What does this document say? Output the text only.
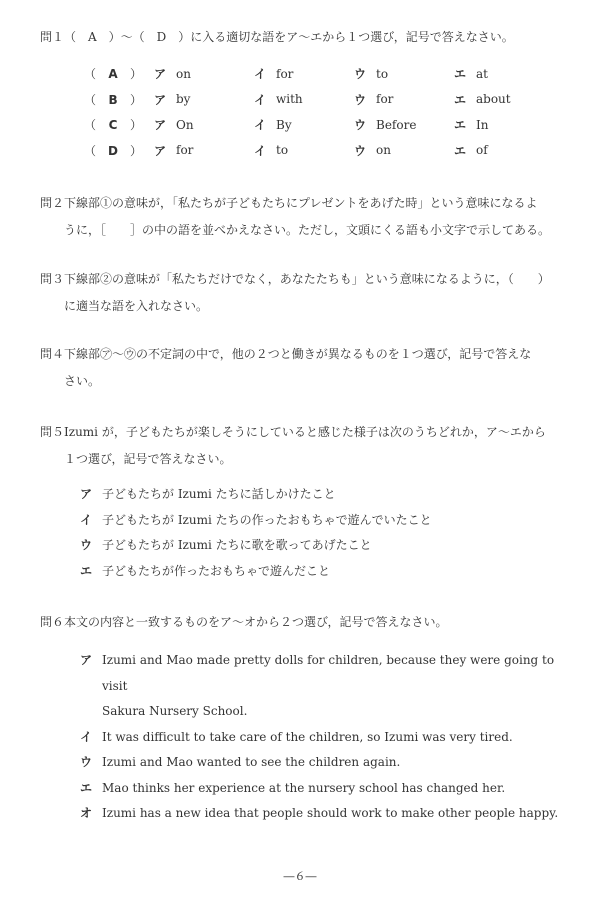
問１（　A　）～（　D　）に入る適切な語をア～エから１つ選び，記号で答えなさい。
（ A ）	ア	on	イ	for	ウ	to	エ	at
（ B ）	ア	by	イ	with	ウ	for	エ	about
（ C ）	ア	On	イ	By	ウ	Before	エ	In
（ D ）	ア	for	イ	to	ウ	on	エ	of
問２下線部①の意味が，「私たちが子どもたちにプレゼントをあげた時」という意味になるよ
うに，［　　］の中の語を並べかえなさい。ただし，文頭にくる語も小文字で示してある。
問３下線部②の意味が「私たちだけでなく，あなたたちも」という意味になるように，（　　）
に適当な語を入れなさい。
問４下線部㋐～㋒の不定詞の中で，他の２つと働きが異なるものを１つ選び，記号で答えな
さい。
問５Izumi が，子どもたちが楽しそうにしていると感じた様子は次のうちどれか，ア～エから
１つ選び，記号で答えなさい。
ア 子どもたちが Izumi たちに話しかけたこと
イ 子どもたちが Izumi たちの作ったおもちゃで遊んでいたこと
ウ 子どもたちが Izumi たちに歌を歌ってあげたこと
エ 子どもたちが作ったおもちゃで遊んだこと
問６本文の内容と一致するものをア～オから２つ選び，記号で答えなさい。
ア Izumi and Mao made pretty dolls for children, because they were going to visit
Sakura Nursery School.
イ It was difficult to take care of the children, so Izumi was very tired.
ウ Izumi and Mao wanted to see the children again.
エ Mao thinks her experience at the nursery school has changed her.
オ Izumi has a new idea that people should work to make other people happy.
―６―
